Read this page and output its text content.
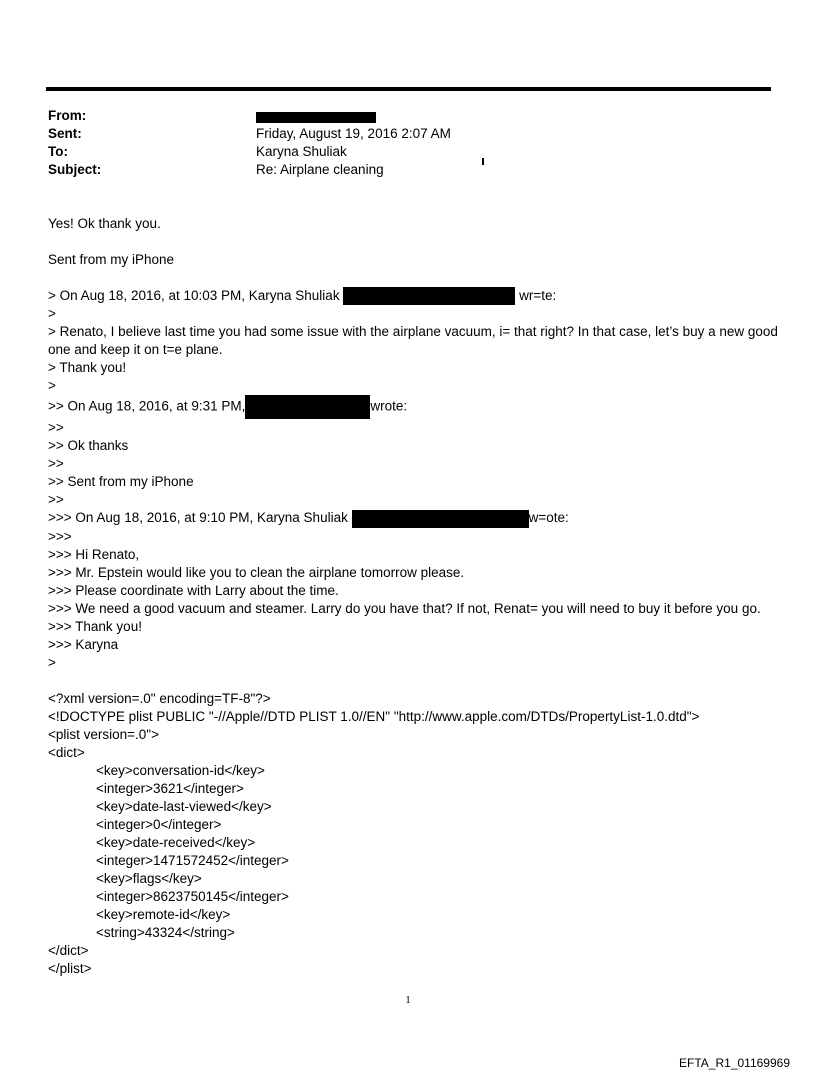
From:
Sent:	Friday, August 19, 2016 2:07 AM
To:	Karyna Shuliak
Subject:	Re: Airplane cleaning
Yes! Ok thank you.
Sent from my iPhone
> On Aug 18, 2016, at 10:03 PM, Karyna Shuliak	wr=te:
>
> Renato, I believe last time you had some issue with the airplane vacuum, i= that right? In that case, let’s buy a new good one and keep it on t=e plane.
> Thank you!
>
>> On Aug 18, 2016, at 9:31 PM,	wrote:
>>
>> Ok thanks
>>
>> Sent from my iPhone
>>
>>> On Aug 18, 2016, at 9:10 PM, Karyna Shuliak	w=ote:
>>>
>>> Hi Renato,
>>> Mr. Epstein would like you to clean the airplane tomorrow please.
>>> Please coordinate with Larry about the time.
>>> We need a good vacuum and steamer. Larry do you have that? If not, Renat= you will need to buy it before you go.
>>> Thank you!
>>> Karyna
>
<?xml version=.0" encoding=TF-8"?>
<!DOCTYPE plist PUBLIC "-//Apple//DTD PLIST 1.0//EN" "http://www.apple.com/DTDs/PropertyList-1.0.dtd">
<plist version=.0">
<dict>
<key>conversation-id</key>
<integer>3621</integer>
<key>date-last-viewed</key>
<integer>0</integer>
<key>date-received</key>
<integer>1471572452</integer>
<key>flags</key>
<integer>8623750145</integer>
<key>remote-id</key>
<string>43324</string>
</dict>
</plist>
1
EFTA_R1_01169969
